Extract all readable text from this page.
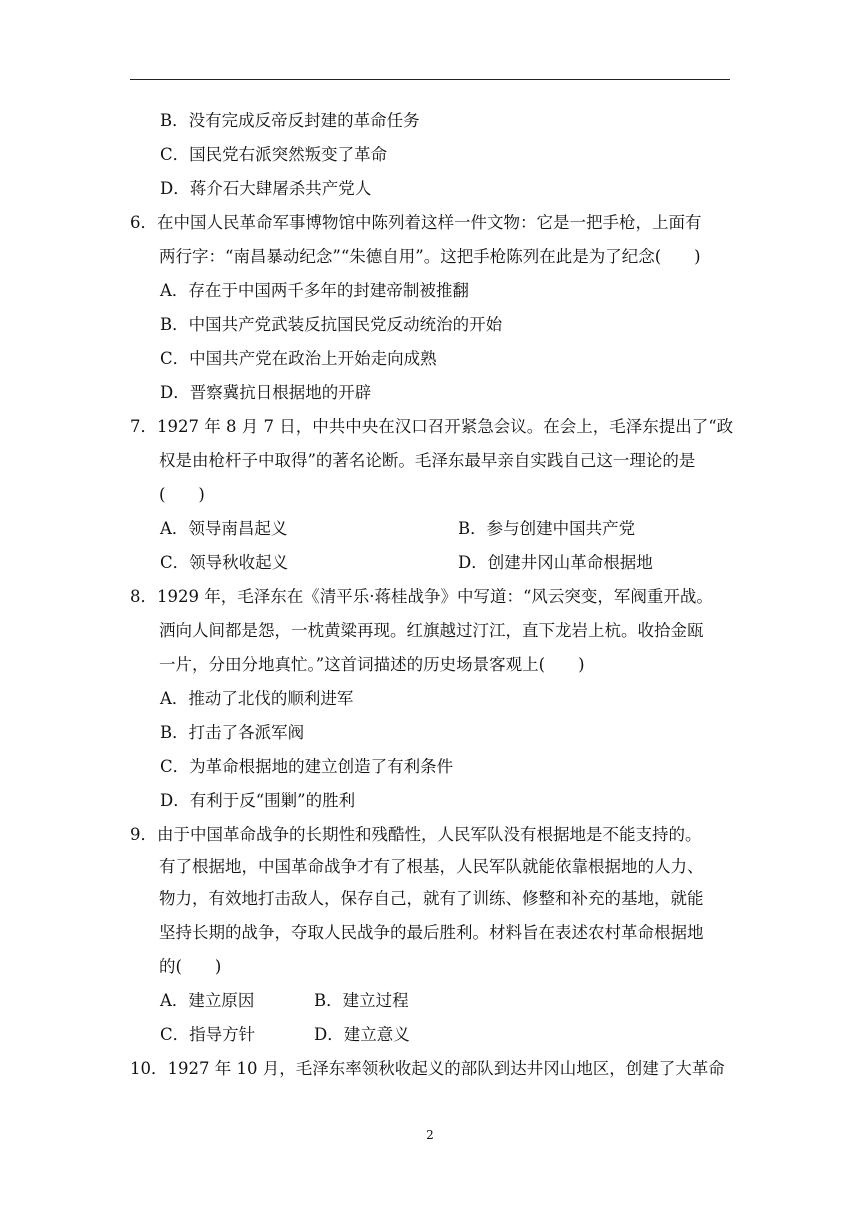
B．没有完成反帝反封建的革命任务
C．国民党右派突然叛变了革命
D．蒋介石大肆屠杀共产党人
6．在中国人民革命军事博物馆中陈列着这样一件文物：它是一把手枪，上面有
两行字：“南昌暴动纪念”“朱德自用”。这把手枪陈列在此是为了纪念(　　)
A．存在于中国两千多年的封建帝制被推翻
B．中国共产党武装反抗国民党反动统治的开始
C．中国共产党在政治上开始走向成熟
D．晋察冀抗日根据地的开辟
7．1927 年 8 月 7 日，中共中央在汉口召开紧急会议。在会上，毛泽东提出了“政
权是由枪杆子中取得”的著名论断。毛泽东最早亲自实践自己这一理论的是
(　　)
A．领导南昌起义	B．参与创建中国共产党
C．领导秋收起义	D．创建井冈山革命根据地
8．1929 年，毛泽东在《清平乐·蒋桂战争》中写道：“风云突变，军阀重开战。
洒向人间都是怨，一枕黄粱再现。红旗越过汀江，直下龙岩上杭。收拾金瓯
一片，分田分地真忙。”这首词描述的历史场景客观上(　　)
A．推动了北伐的顺利进军
B．打击了各派军阀
C．为革命根据地的建立创造了有利条件
D．有利于反“围剿”的胜利
9．由于中国革命战争的长期性和残酷性，人民军队没有根据地是不能支持的。
有了根据地，中国革命战争才有了根基，人民军队就能依靠根据地的人力、
物力，有效地打击敌人，保存自己，就有了训练、修整和补充的基地，就能
坚持长期的战争，夺取人民战争的最后胜利。材料旨在表述农村革命根据地
的(　　)
A．建立原因	B．建立过程
C．指导方针	D．建立意义
10．1927 年 10 月，毛泽东率领秋收起义的部队到达井冈山地区，创建了大革命
2
